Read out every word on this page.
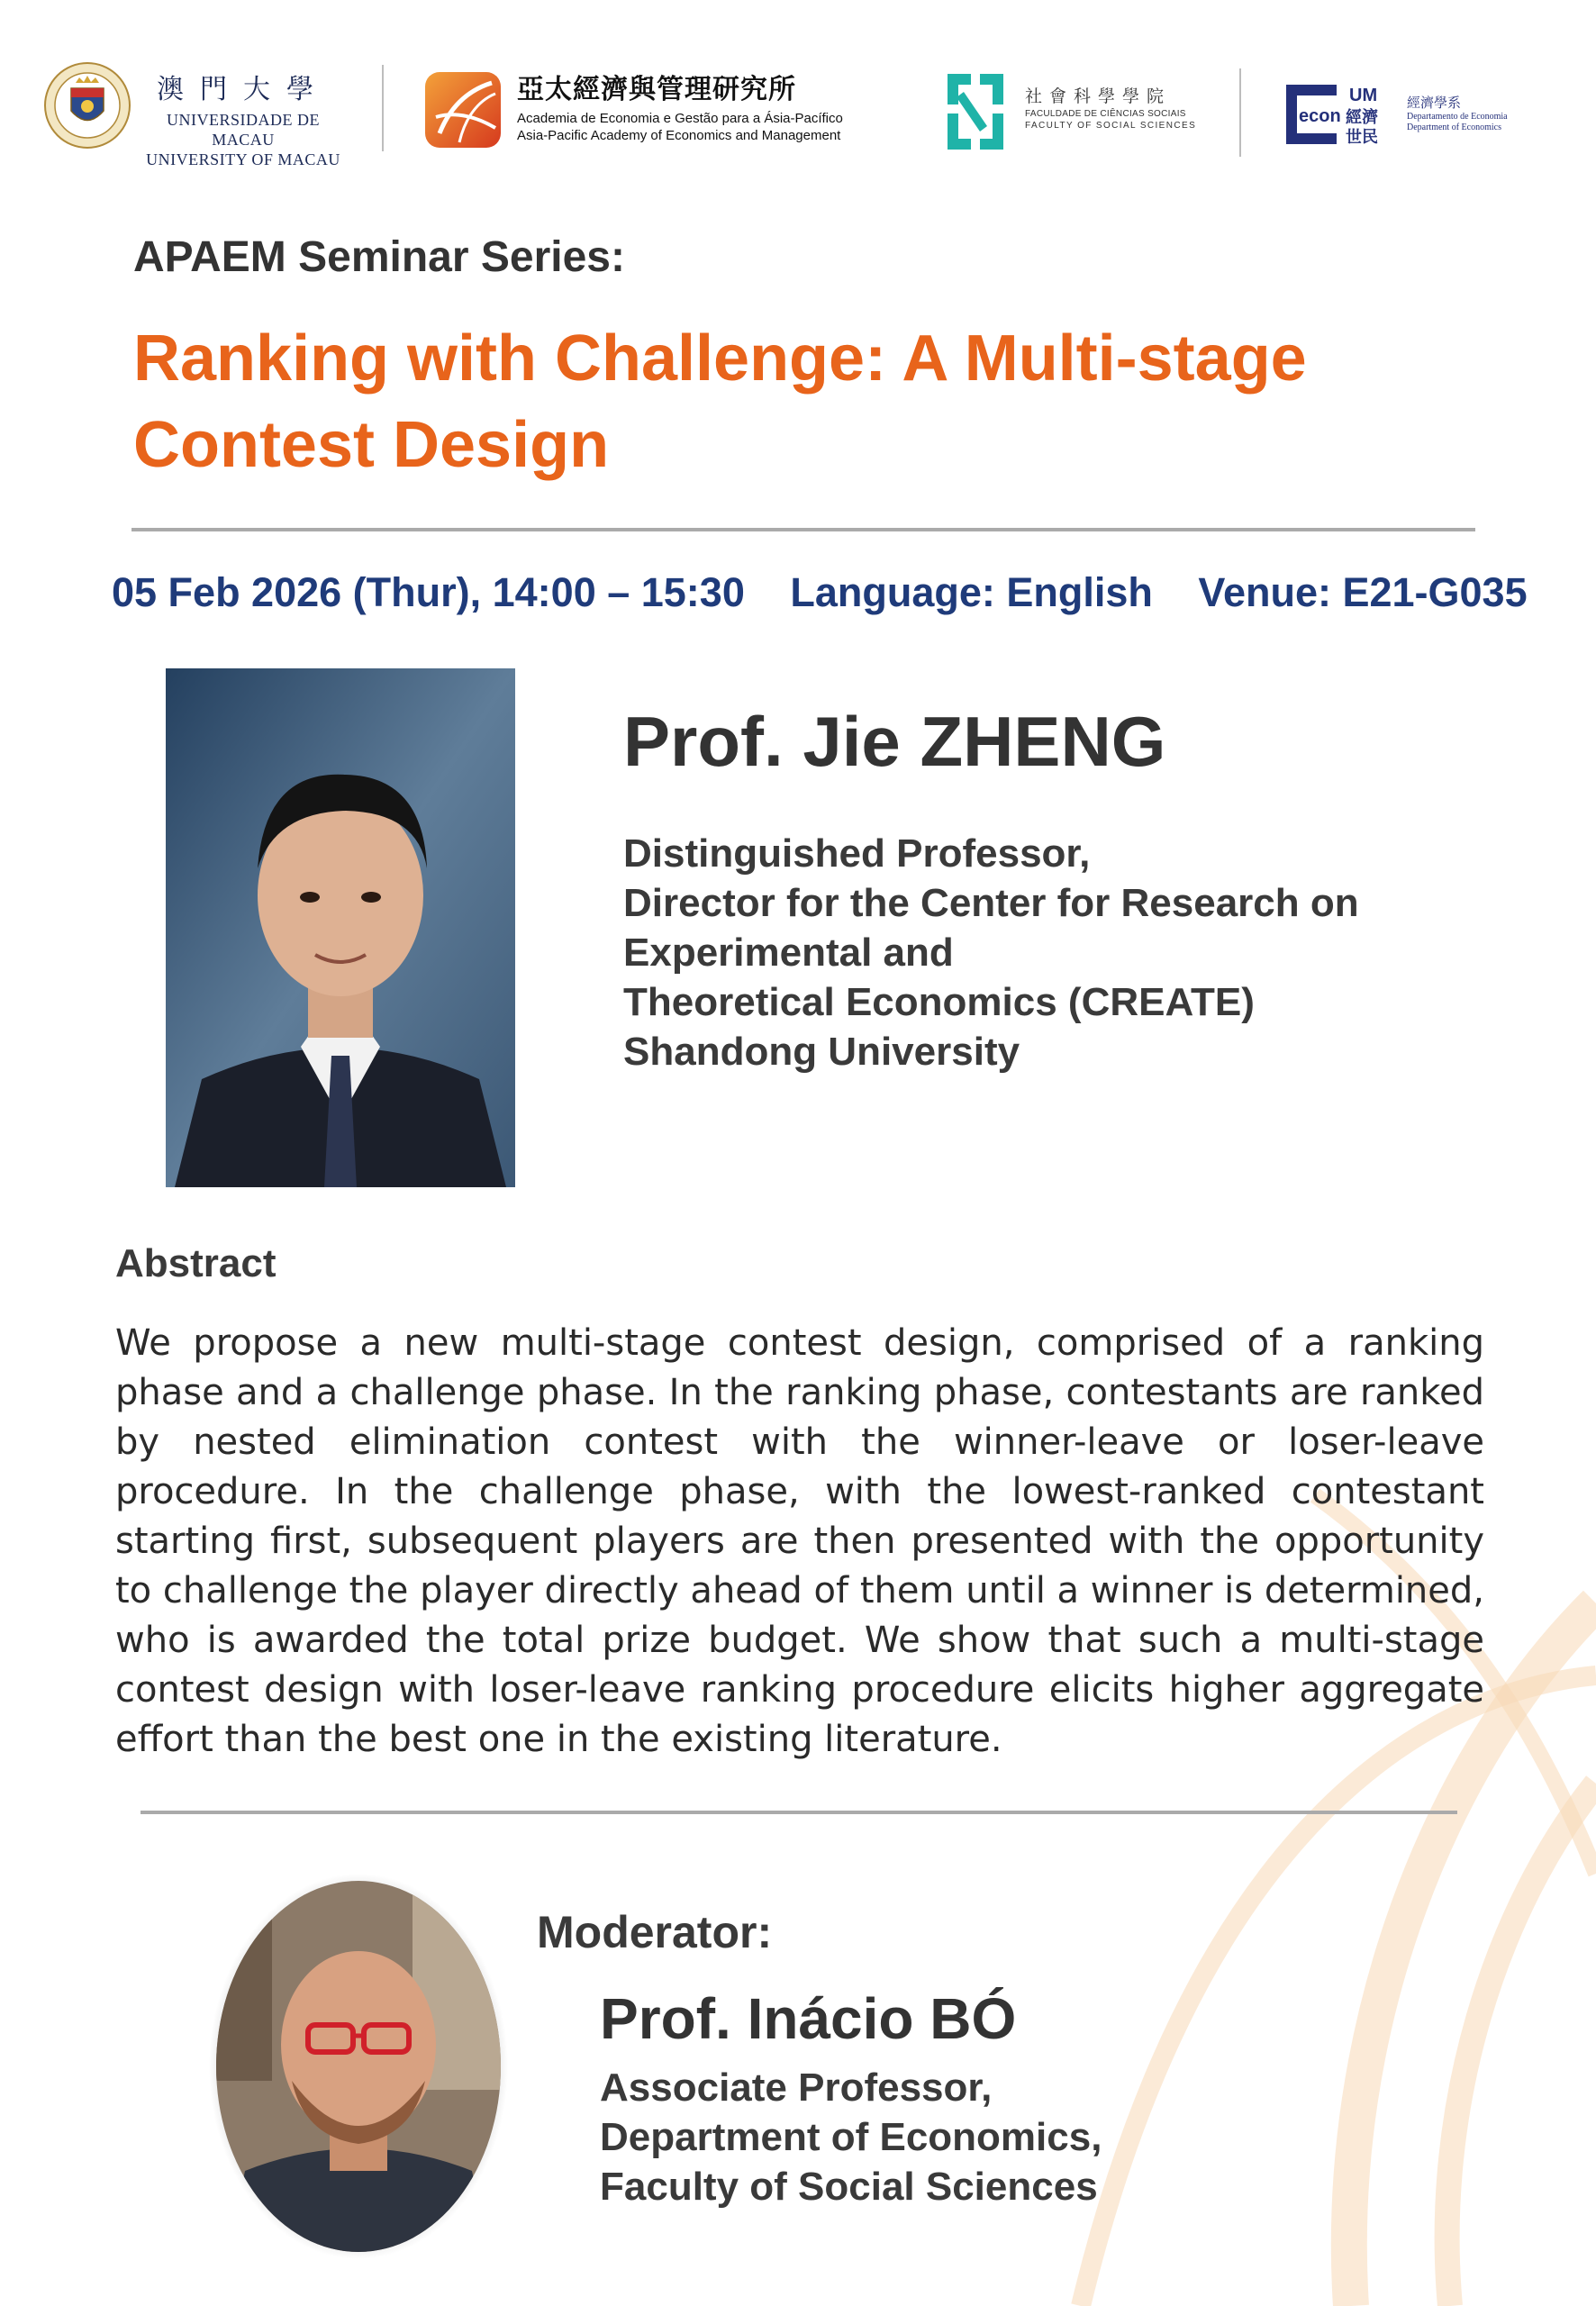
澳門大學
UNIVERSIDADE DE MACAU
UNIVERSITY OF MACAU
亞太經濟與管理研究所
Academia de Economia e Gestão para a Ásia-Pacífico
Asia-Pacific Academy of Economics and Management
社會科學學院
FACULDADE DE CIÊNCIAS SOCIAIS
FACULTY OF SOCIAL SCIENCES	econ
UM
經濟
世民
經濟學系
Departamento de Economia
Department of Economics
APAEM Seminar Series:
Ranking with Challenge: A Multi-stage
Contest Design
05 Feb 2026 (Thur), 14:00 – 15:30 Language: English Venue: E21-G035
Prof. Jie ZHENG
Distinguished Professor,
Director for the Center for Research on
Experimental and
Theoretical Economics (CREATE)
Shandong University
Abstract
We propose a new multi-stage contest design, comprised of a ranking phase and a challenge phase. In the ranking phase, contestants are ranked by nested elimination contest with the winner-leave or loser-leave procedure. In the challenge phase, with the lowest-ranked contestant starting first, subsequent players are then presented with the opportunity to challenge the player directly ahead of them until a winner is determined, who is awarded the total prize budget. We show that such a multi-stage contest design with loser-leave ranking procedure elicits higher aggregate effort than the best one in the existing literature.
Moderator:
Prof. Inácio BÓ
Associate Professor,
Department of Economics,
Faculty of Social Sciences
